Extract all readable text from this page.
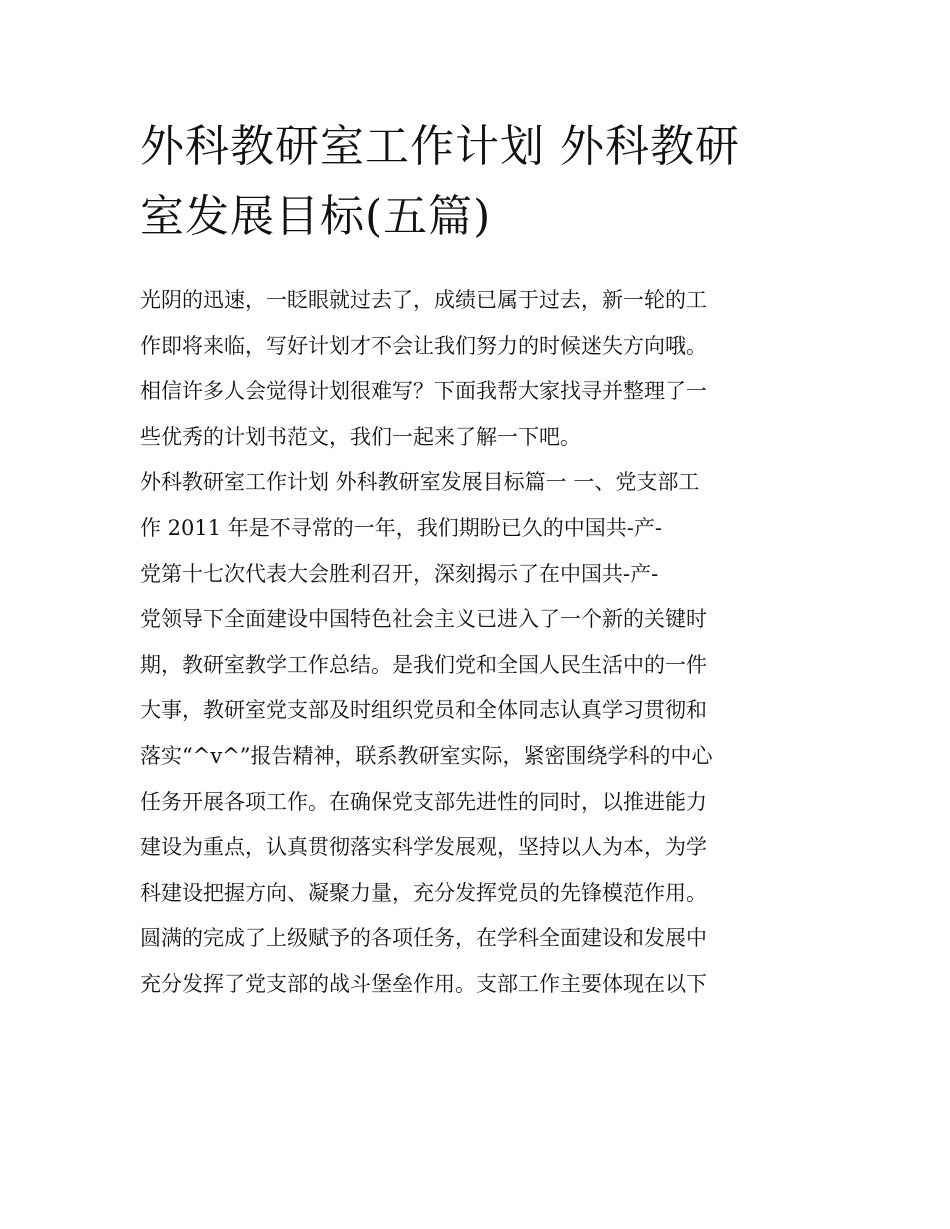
外科教研室工作计划 外科教研
室发展目标(五篇)
光阴的迅速，一眨眼就过去了，成绩已属于过去，新一轮的工
作即将来临，写好计划才不会让我们努力的时候迷失方向哦。
相信许多人会觉得计划很难写？下面我帮大家找寻并整理了一
些优秀的计划书范文，我们一起来了解一下吧。
外科教研室工作计划 外科教研室发展目标篇一 一、党支部工
作 2011 年是不寻常的一年，我们期盼已久的中国共-产-
党第十七次代表大会胜利召开，深刻揭示了在中国共-产-
党领导下全面建设中国特色社会主义已进入了一个新的关键时
期，教研室教学工作总结。是我们党和全国人民生活中的一件
大事，教研室党支部及时组织党员和全体同志认真学习贯彻和
落实“^v^”报告精神，联系教研室实际，紧密围绕学科的中心
任务开展各项工作。在确保党支部先进性的同时，以推进能力
建设为重点，认真贯彻落实科学发展观，坚持以人为本，为学
科建设把握方向、凝聚力量，充分发挥党员的先锋模范作用。
圆满的完成了上级赋予的各项任务，在学科全面建设和发展中
充分发挥了党支部的战斗堡垒作用。支部工作主要体现在以下
